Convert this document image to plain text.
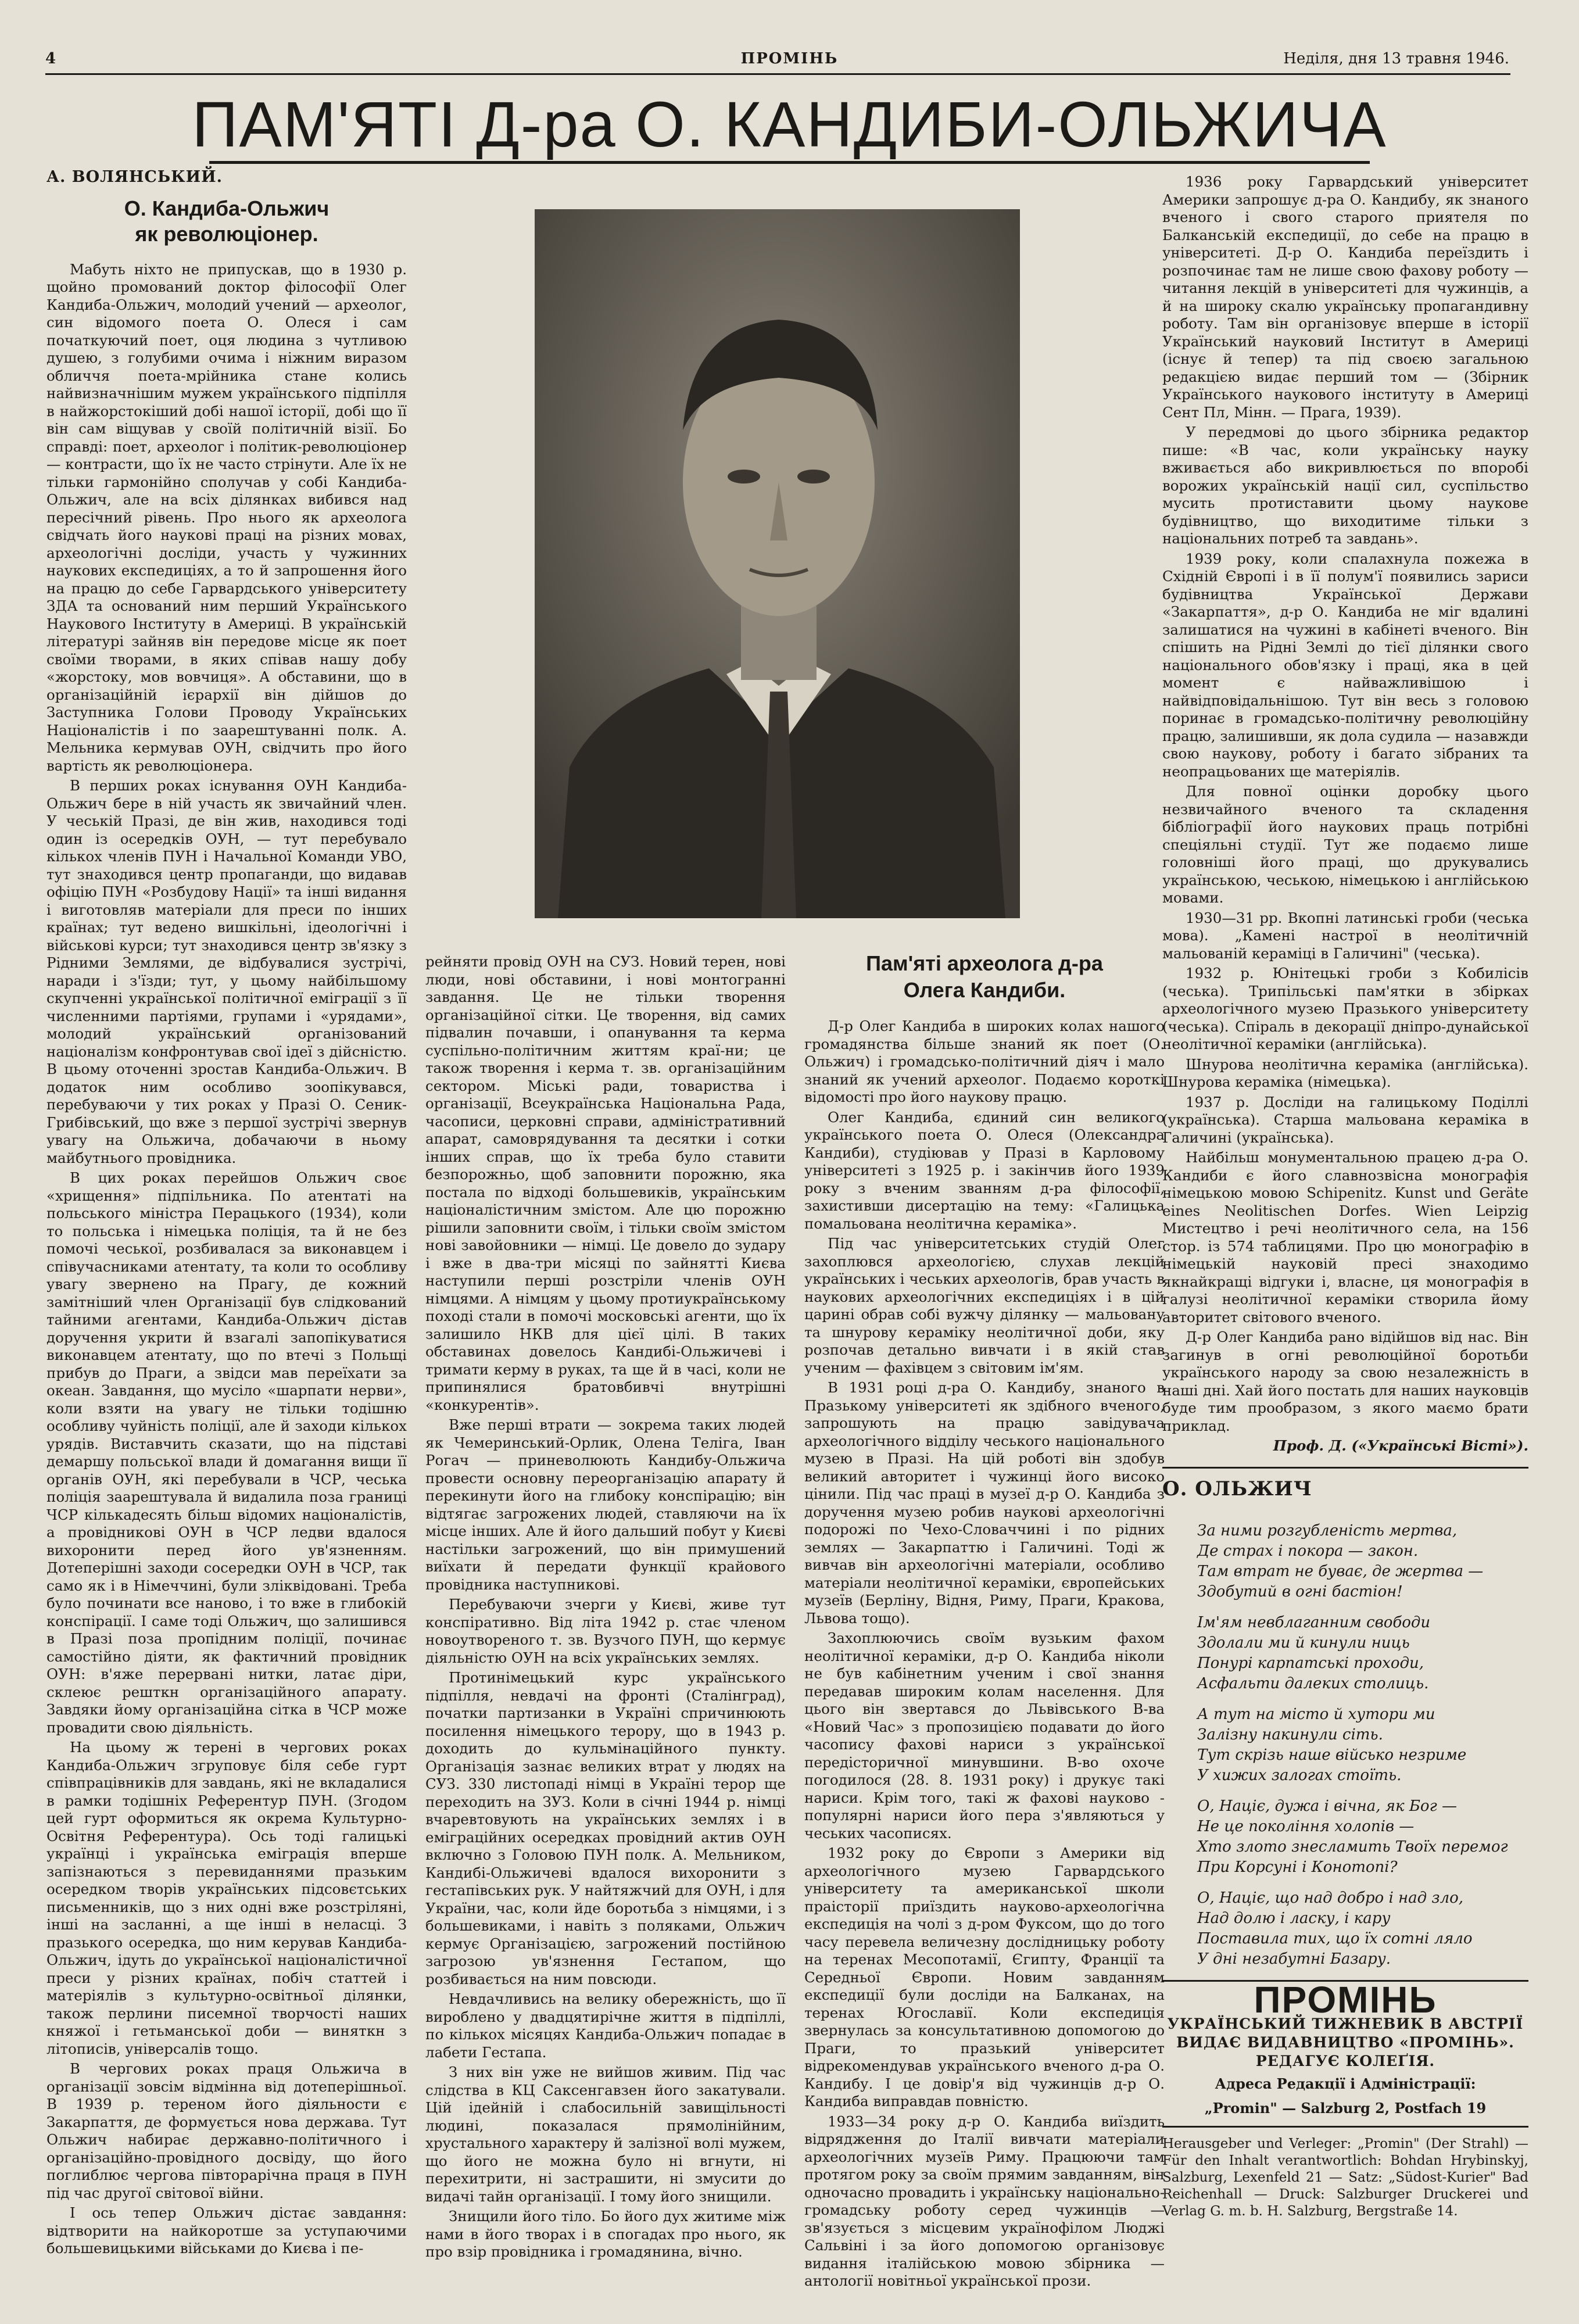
4	ПРОМІНЬ	Неділя, дня 13 травня 1946.
ПАМ'ЯТІ Д-ра О. КАНДИБИ-ОЛЬЖИЧА
А. ВОЛЯНСЬКИЙ.
О. Кандиба-Ольжич
як революціонер.

Мабуть ніхто не припускав, що в 1930 р. щойно промований доктор філософії Олег Кандиба-Ольжич, молодий учений — археолог, син відомого поета О. Олеся і сам початкуючий поет, оця людина з чутливою душею, з голубими очима і ніжним виразом обличчя поета-мрійника стане колись найвизначнішим мужем українського підпілля в найжорстокіший добі нашої історії, добі що її він сам віщував у своїй політичній візії. Бо справді: поет, археолог і політик-революціонер — контрасти, що їх не часто стрінути. Але їх не тільки гармонійно сполучав у собі Кандиба-Ольжич, але на всіх ділянках вибився над пересічний рівень. Про нього як археолога свідчать його наукові праці на різних мовах, археологічні досліди, участь у чужинних наукових експедиціях, а то й запрошення його на працю до себе Гарвардського університету ЗДА та оснований ним перший Українського Наукового Інституту в Америці. В українській літературі зайняв він передове місце як поет своїми творами, в яких співав нашу добу «жорстоку, мов вовчиця». А обставини, що в організаційній ієрархії він дійшов до Заступника Голови Проводу Українських Націоналістів і по заарештуванні полк. А. Мельника кермував ОУН, свідчить про його вартість як революціонера.

В перших роках існування ОУН Кандиба-Ольжич бере в ній участь як звичайний член. У чеській Празі, де він жив, находився тоді один із осередків ОУН, — тут перебувало кількох членів ПУН і Начальної Команди УВО, тут знаходився центр пропаганди, що видавав офіцію ПУН «Розбудову Нації» та інші видання і виготовляв матеріали для преси по інших країнах; тут ведено вишкільні, ідеологічні і військові курси; тут знаходився центр зв'язку з Рідними Землями, де відбувалися зустрічі, наради і з'їзди; тут, у цьому найбільшому скупченні української політичної еміграції з її численними партіями, групами і «урядами», молодий український організований націоналізм конфронтував свої ідеї з дійсністю. В цьому оточенні зростав Кандиба-Ольжич. В додаток ним особливо зоопікувався, перебуваючи у тих роках у Празі О. Сеник-Грибівський, що вже з першої зустрічі звернув увагу на Ольжича, добачаючи в ньому майбутнього провідника.

В цих роках перейшов Ольжич своє «хрищення» підпільника. По атентаті на польського міністра Перацького (1934), коли то польська і німецька поліція, та й не без помочі чеської, розбивалася за виконавцем і співучасниками атентату, та коли то особливу увагу звернено на Прагу, де кожний замітніший член Організації був слідкований тайними агентами, Кандиба-Ольжич дістав доручення укрити й взагалі запопікуватися виконавцем атентату, що по втечі з Польщі прибув до Праги, а звідси мав переїхати за океан. Завдання, що мусіло «шарпати нерви», коли взяти на увагу не тільки тодішню особливу чуйність поліції, але й заходи кількох урядів. Виставчить сказати, що на підставі демаршу польської влади й домагання вищи її органів ОУН, які перебували в ЧСР, чеська поліція заарештувала й видалила поза границі ЧСР кількадесять більш відомих націоналістів, а провідникові ОУН в ЧСР ледви вдалося вихоронити перед його ув'язненням. Дотеперішні заходи сосередки ОУН в ЧСР, так само як і в Німеччині, були зліквідовані. Треба було починати все наново, і то вже в глибокій конспірації. І саме тоді Ольжич, що залишився в Празі поза пропідним поліції, починає самостійно діяти, як фактичний провідник ОУН: в'яже перервані нитки, латає діри, склеює решткн організаційного апарату. Завдяки йому організаційна сітка в ЧСР може провадити свою діяльність.

На цьому ж терені в чергових роках Кандиба-Ольжич згруповує біля себе гурт співпрацівників для завдань, які не вкладалися в рамки тодішніх Референтур ПУН. (Згодом цей гурт оформиться як окрема Культурно-Освітня Референтура). Ось тоді галицькі українці і українська еміграція вперше запізнаються з перевиданнями празьким осередком творів українських підсовєтських письменників, що з них одні вже розстріляні, інші на засланні, а ще інші в неласці. З празького осередка, що ним керував Кандиба-Ольжич, ідуть до української націоналістичної преси у різних країнах, побіч статтей і матеріялів з культурно-освітньої ділянки, також перлини писемної творчості наших княжої і гетьманської доби — виняткн з літописів, універсалів тощо.

В чергових роках праця Ольжича в організації зовсім відмінна від дотеперішньої. В 1939 р. тереном його діяльности є Закарпаття, де формується нова держава. Тут Ольжич набирає державно-політичного і організаційно-провідного досвіду, що його поглиблює чергова півторарічна праця в ПУН під час другої світової війни.

І ось тепер Ольжич дістає завдання: відтворити на найкоротше за уступаючими большевицькими військами до Києва і пе-

рейняти провід ОУН на СУЗ. Новий терен, нові люди, нові обставини, і нові монтогранні завдання. Це не тільки творення організаційної сітки. Це творення, від самих підвалин почавши, і опанування та керма суспільно-політичним життям краї-ни; це також творення і керма т. зв. організаційним сектором. Міські ради, товариства і організації, Всеукраїнська Національна Рада, часописи, церковні справи, адміністративний апарат, самоврядування та десятки і сотки інших справ, що їх треба було ставити безпорожньо, щоб заповнити порожню, яка постала по відході большевиків, українським націоналістичним змістом. Але цю порожню рішили заповнити своїм, і тільки своїм змістом нові завойовники — німці. Це довело до зудару і вже в два-три місяці по зайнятті Києва наступили перші розстріли членів ОУН німцями. А німцям у цьому протиукраїнському поході стали в помочі московські агенти, що їх залишило НКВ для цієї цілі. В таких обставинах довелось Кандибі-Ольжичеві і тримати керму в руках, та ще й в часі, коли не припинялися братовбивчі внутрішні «конкурентів».

Вже перші втрати — зокрема таких людей як Чемеринський-Орлик, Олена Теліга, Іван Рогач — приневолюють Кандибу-Ольжича провести основну переорганізацію апарату й перекинути його на глибоку конспірацію; він відтягає загрожених людей, ставляючи на їх місце інших. Але й його дальший побут у Києві настільки загрожений, що він примушений виїхати й передати функції крайового провідника наступникові.

Перебуваючи зчерги у Києві, живе тут конспіративно. Від літа 1942 р. стає членом новоутвореного т. зв. Вузчого ПУН, що кермує діяльністю ОУН на всіх українських землях.

Протинімецький курс українського підпілля, невдачі на фронті (Сталінград), початки партизанки в Україні спричинюють посилення німецького терору, що в 1943 р. доходить до кульмінаційного пункту. Організація зазнає великих втрат у людях на СУЗ. 330 листопаді німці в Україні терор ще переходить на ЗУЗ. Коли в січні 1944 р. німці вчаревтовують на українських землях і в еміграційних осередках провідний актив ОУН включно з Головою ПУН полк. А. Мельником, Кандибі-Ольжичеві вдалося вихоронити з гестапівських рук. У найтяжчий для ОУН, і для України, час, коли йде боротьба з німцями, і з большевиками, і навіть з поляками, Ольжич кермує Організацією, загрожений постійною загрозою ув'язнення Гестапом, що розбивається на ним повсюди.

Невдачливись на велику обережність, що її вироблено у двадцятирічне життя в підпіллі, по кількох місяцях Кандиба-Ольжич попадає в лабети Гестапа.

З них він уже не вийшов живим. Під час слідства в КЦ Саксенгавзен його закатували. Цій ідейній і слабосильній завищільності людині, показалася прямолінійним, хрустального характеру й залізної волі мужем, що його не можна було ні вгнути, ні перехитрити, ні застрашити, ні змусити до видачі тайн організації. І тому його знищили.

Знищили його тіло. Бо його дух житиме між нами в його творах і в спогадах про нього, як про взір провідника і громадянина, вічно.

Пам'яті археолога д-ра
Олега Кандиби.

Д-р Олег Кандиба в широких колах нашого громадянства більше знаний як поет (О. Ольжич) і громадсько-політичний діяч і мало знаний як учений археолог. Подаємо короткі відомості про його наукову працю.

Олег Кандиба, єдиний син великого українського поета О. Олеся (Олександра Кандиби), студіював у Празі в Карловому університеті з 1925 р. і закінчив його 1939 року з вченим званням д-ра філософії, захистивши дисертацію на тему: «Галицька помальована неолітична кераміка».

Під час університетських студій Олег захоплювся археологією, слухав лекцій українських і чеських археологів, брав участь в наукових археологічних експедиціях і в цій царині обрав собі вужчу ділянку — мальовану та шнурову кераміку неолітичної доби, яку розпочав детально вивчати і в якій став ученим — фахівцем з світовим ім'ям.

В 1931 році д-ра О. Кандибу, знаного в Празькому університеті як здібного вченого, запрошують на працю завідувача археологічного відділу чеського національного музею в Празі. На цій роботі він здобув великий авторитет і чужинці його високо цінили. Під час праці в музеї д-р О. Кандиба з доручення музею робив наукові археологічні подорожі по Чехо-Словаччині і по рідних землях — Закарпаттю і Галичині. Тоді ж вивчав він археологічні матеріали, особливо матеріали неолітичної кераміки, європейських музеїв (Берліну, Відня, Риму, Праги, Кракова, Львова тощо).

Захоплюючись своїм вузьким фахом неолітичної кераміки, д-р О. Кандиба ніколи не був кабінетним ученим і свої знання передавав широким колам населення. Для цього він звертався до Львівського В-ва «Новий Час» з пропозицією подавати до його часопису фахові нариси з української передісторичної минувшини. В-во охоче погодилося (28. 8. 1931 року) і друкує такі нариси. Крім того, такі ж фахові науково - популярні нариси його пера з'являються у чеських часописях.

1932 року до Європи з Америки від археологічного музею Гарвардського університету та американської школи праісторії приїздить науково-археологічна експедиція на чолі з д-ром Фуксом, що до того часу перевела величезну дослідницьку роботу на теренах Месопотамії, Єгипту, Франції та Середньої Європи. Новим завданням експедиції були досліди на Балканах, на теренах Югославії. Коли експедиція звернулась за консультативною допомогою до Праги, то празький університет відрекомендував українського вченого д-ра О. Кандибу. І це довір'я від чужинців д-р О. Кандиба виправдав повністю.

1933—34 року д-р О. Кандиба виїздить відрядження до Італії вивчати матеріали археологічних музеїв Риму. Працюючи там протягом року за своїм прямим завданням, він одночасно провадить і українську національно-громадську роботу серед чужинців — зв'язується з місцевим українофілом Люджі Сальвіні і за його допомогою організовує видання італійською мовою збірника — антології новітньої української прози.

1936 року Гарвардський університет Америки запрошує д-ра О. Кандибу, як знаного вченого і свого старого приятеля по Балканській експедиції, до себе на працю в університеті. Д-р О. Кандиба переїздить і розпочинає там не лише свою фахову роботу — читання лекцій в університеті для чужинців, а й на широку скалю українську пропагандивну роботу. Там він організовує вперше в історії Український науковий Інститут в Америці (існує й тепер) та під своєю загальною редакцією видає перший том — (Збірник Українського наукового інституту в Америці Сент Пл, Мінн. — Прага, 1939).

У передмові до цього збірника редактор пише: «В час, коли українську науку вживається або викривлюється по впоробі ворожих українській нації сил, суспільство мусить протиставити цьому наукове будівництво, що виходитиме тільки з національних потреб та завдань».

1939 року, коли спалахнула пожежа в Східній Європі і в її полум'ї появились зариси будівництва Української Держави «Закарпаття», д-р О. Кандиба не міг вдалині залишатися на чужині в кабінеті вченого. Він спішить на Рідні Землі до тієї ділянки свого національного обов'язку і праці, яка в цей момент є найважливішою і найвідповідальнішою. Тут він весь з головою поринає в громадсько-політичну революційну працю, залишивши, як дола судила — назавжди свою наукову, роботу і багато зібраних та неопрацьованих ще матеріялів.

Для повної оцінки доробку цього незвичайного вченого та складення бібліографії його наукових праць потрібні спеціяльні студії. Тут же подаємо лише головніші його праці, що друкувались українською, чеською, німецькою і англійською мовами.

1930—31 рр. Вкопні латинські гроби (чеська мова). „Камені настрої в неолітичній мальованій кераміці в Галичині" (чеська).

1932 р. Юнітецькі гроби з Кобилісів (чеська). Трипільські пам'ятки в збірках археологічного музею Празького університету (чеська). Спіраль в декорації дніпро-дунайської неолітичної кераміки (англійська).

Шнурова неолітична кераміка (англійська). Шнурова кераміка (німецька).

1937 р. Досліди на галицькому Поділлі (українська). Старша мальована кераміка в Галичині (українська).

Найбільш монументальною працею д-ра О. Кандиби є його славнозвісна монографія німецькою мовою Schipenitz. Kunst und Geräte eines Neolitischen Dorfes. Wien Leipzig Мистецтво і речі неолітичного села, на 156 стор. із 574 таблицями. Про цю монографію в німецькій науковій пресі знаходимо якнайкращі відгуки і, власне, ця монографія в галузі неолітичної кераміки створила йому авторитет світового вченого.

Д-р Олег Кандиба рано відійшов від нас. Він загинув в огні революційної боротьби українського народу за свою незалежність в наші дні. Хай його постать для наших науковців буде тим прообразом, з якого маємо брати приклад.

Проф. Д. («Українські Вісті»).
О. ОЛЬЖИЧ
За ними розгубленість мертва,
Де страх і покора — закон.
Там втрат не буває, де жертва —
Здобутий в огні бастіон!
Ім'ям невблаганним свободи
Здолали ми й кинули ниць
Понурі карпатські проходи,
Асфальти далеких столиць.
А тут на місто й хутори ми
Залізну накинули сіть.
Тут скрізь наше військо незриме
У хижих залогах стоїть.
О, Націє, дужа і вічна, як Бог —
Не це покоління холопів —
Хто злото знесламить Твоїх перемог
При Корсуні і Конотопі?
О, Націє, що над добро і над зло,
Над долю і ласку, і кару
Поставила тих, що їх сотні ляло
У дні незабутні Базару.
ПРОМІНЬ
УКРАЇНСЬКИЙ ТИЖНЕВИК В АВСТРІЇ
ВИДАЄ ВИДАВНИЦТВО «ПРОМІНЬ».
РЕДАГУЄ КОЛЕҐІЯ.
Адреса Редакції і Адміністрації:
„Promin" — Salzburg 2, Postfach 19
Herausgeber und Verleger: „Promin" (Der Strahl) — Für den Inhalt verantwortlich: Bohdan Hrybinskyj, Salzburg, Lexenfeld 21 — Satz: „Südost-Kurier" Bad Reichenhall — Druck: Salzburger Druckerei und Verlag G. m. b. H. Salzburg, Bergstraße 14.
